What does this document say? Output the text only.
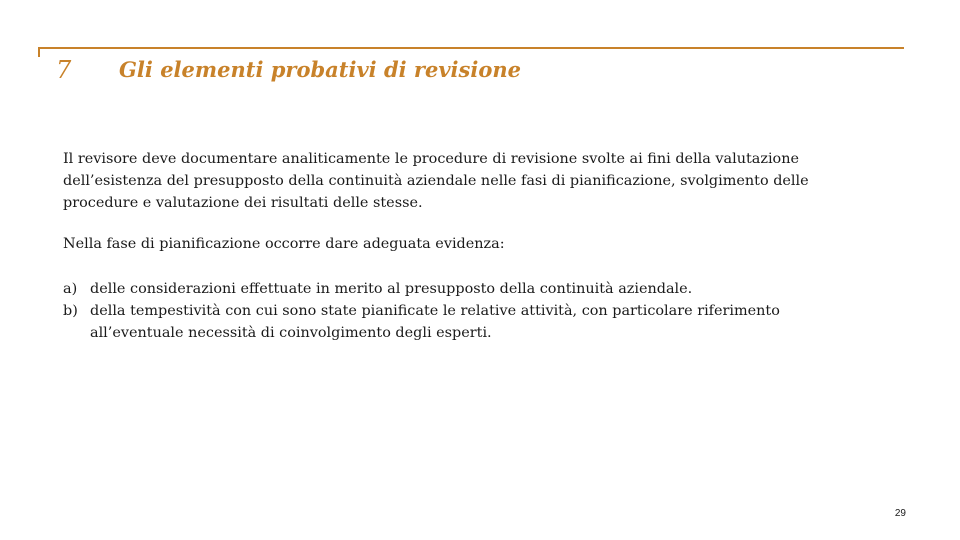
7 Gli elementi probativi di revisione

Il revisore deve documentare analiticamente le procedure di revisione svolte ai fini della valutazione dell’esistenza del presupposto della continuità aziendale nelle fasi di pianificazione, svolgimento delle procedure e valutazione dei risultati delle stesse.

Nella fase di pianificazione occorre dare adeguata evidenza:

a) delle considerazioni effettuate in merito al presupposto della continuità aziendale.
b) della tempestività con cui sono state pianificate le relative attività, con particolare riferimento all’eventuale necessità di coinvolgimento degli esperti.
29
